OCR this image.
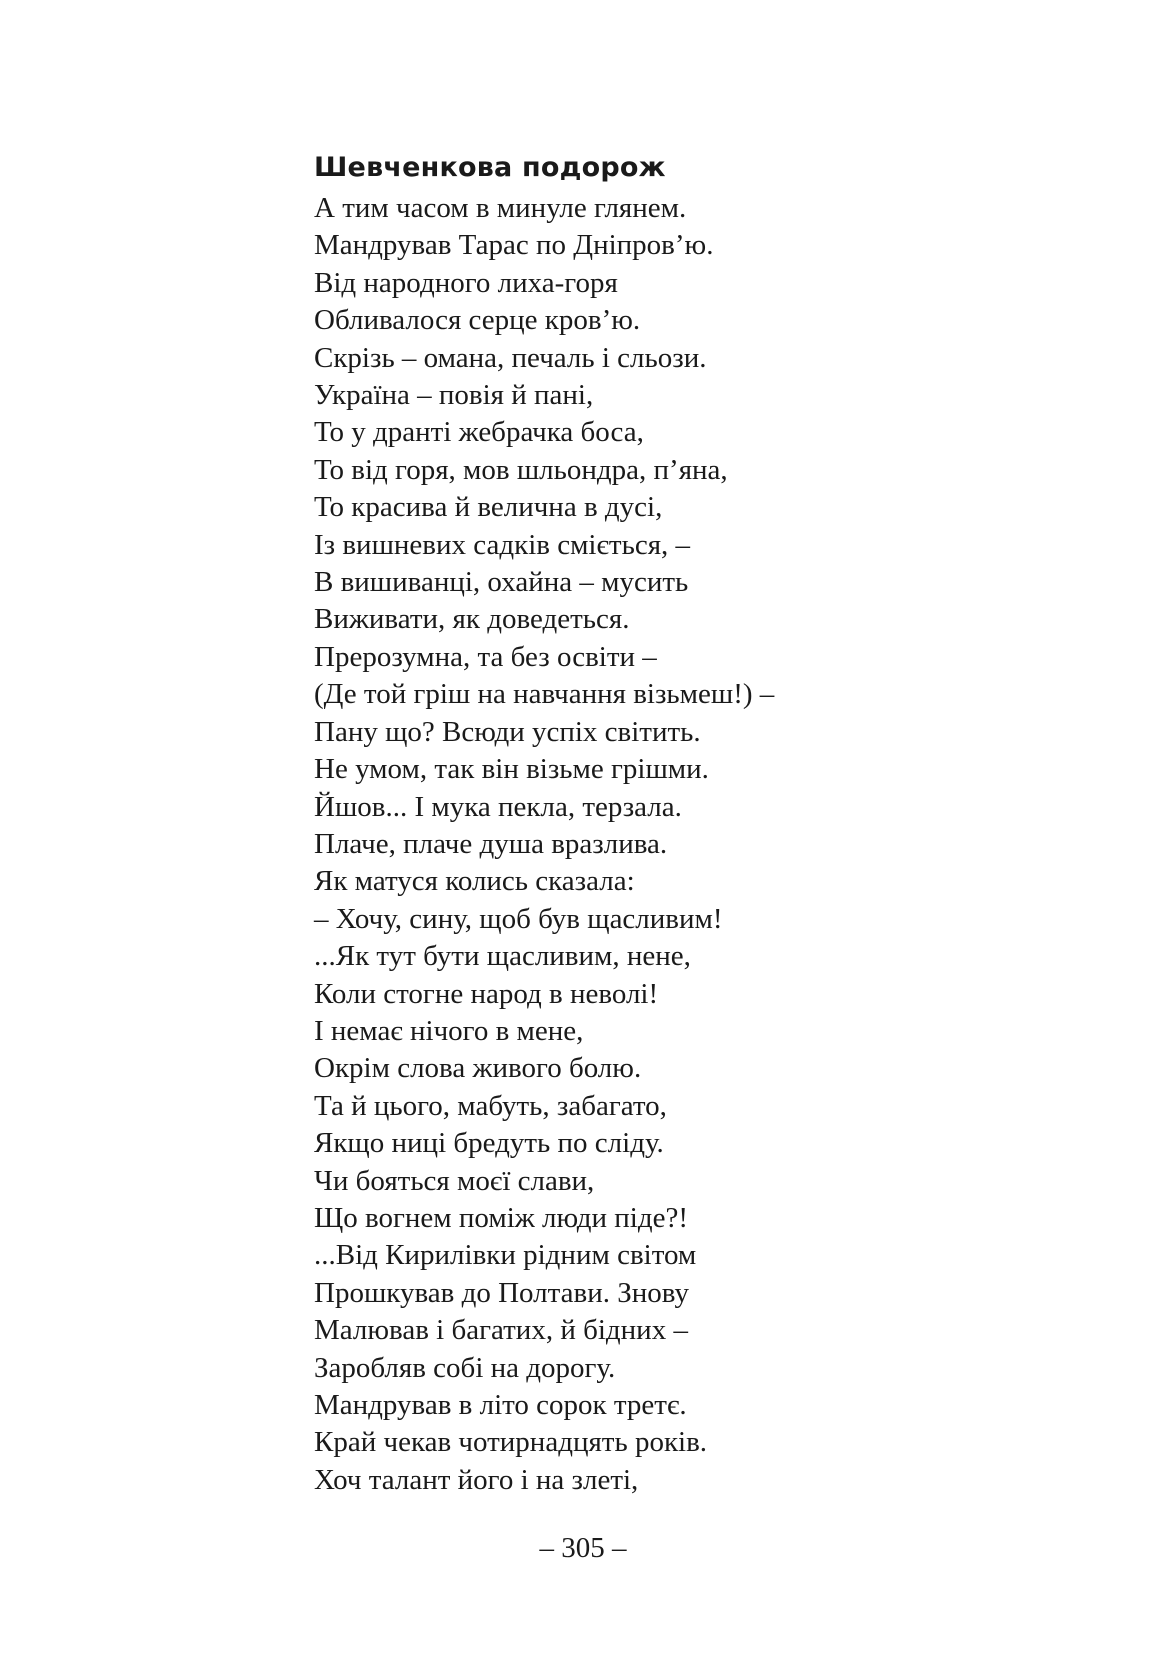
Шевченкова подорож
А тим часом в минуле глянем.
Мандрував Тарас по Дніпров’ю.
Від народного лиха-горя
Обливалося серце кров’ю.
Скрізь – омана, печаль і сльози.
Україна – повія й пані,
То у дранті жебрачка боса,
То від горя, мов шльондра, п’яна,
То красива й велична в дусі,
Із вишневих садків сміється, –
В вишиванці, охайна – мусить
Виживати, як доведеться.
Прерозумна, та без освіти –
(Де той гріш на навчання візьмеш!) –
Пану що? Всюди успіх світить.
Не умом, так він візьме грішми.
Йшов... І мука пекла, терзала.
Плаче, плаче душа вразлива.
Як матуся колись сказала:
– Хочу, сину, щоб був щасливим!
...Як тут бути щасливим, нене,
Коли стогне народ в неволі!
І немає нічого в мене,
Окрім слова живого болю.
Та й цього, мабуть, забагато,
Якщо ниці бредуть по сліду.
Чи бояться моєї слави,
Що вогнем поміж люди піде?!
...Від Кирилівки рідним світом
Прошкував до Полтави. Знову
Малював і багатих, й бідних –
Заробляв собі на дорогу.
Мандрував в літо сорок третє.
Край чекав чотирнадцять років.
Хоч талант його і на злеті,
– 305 –
